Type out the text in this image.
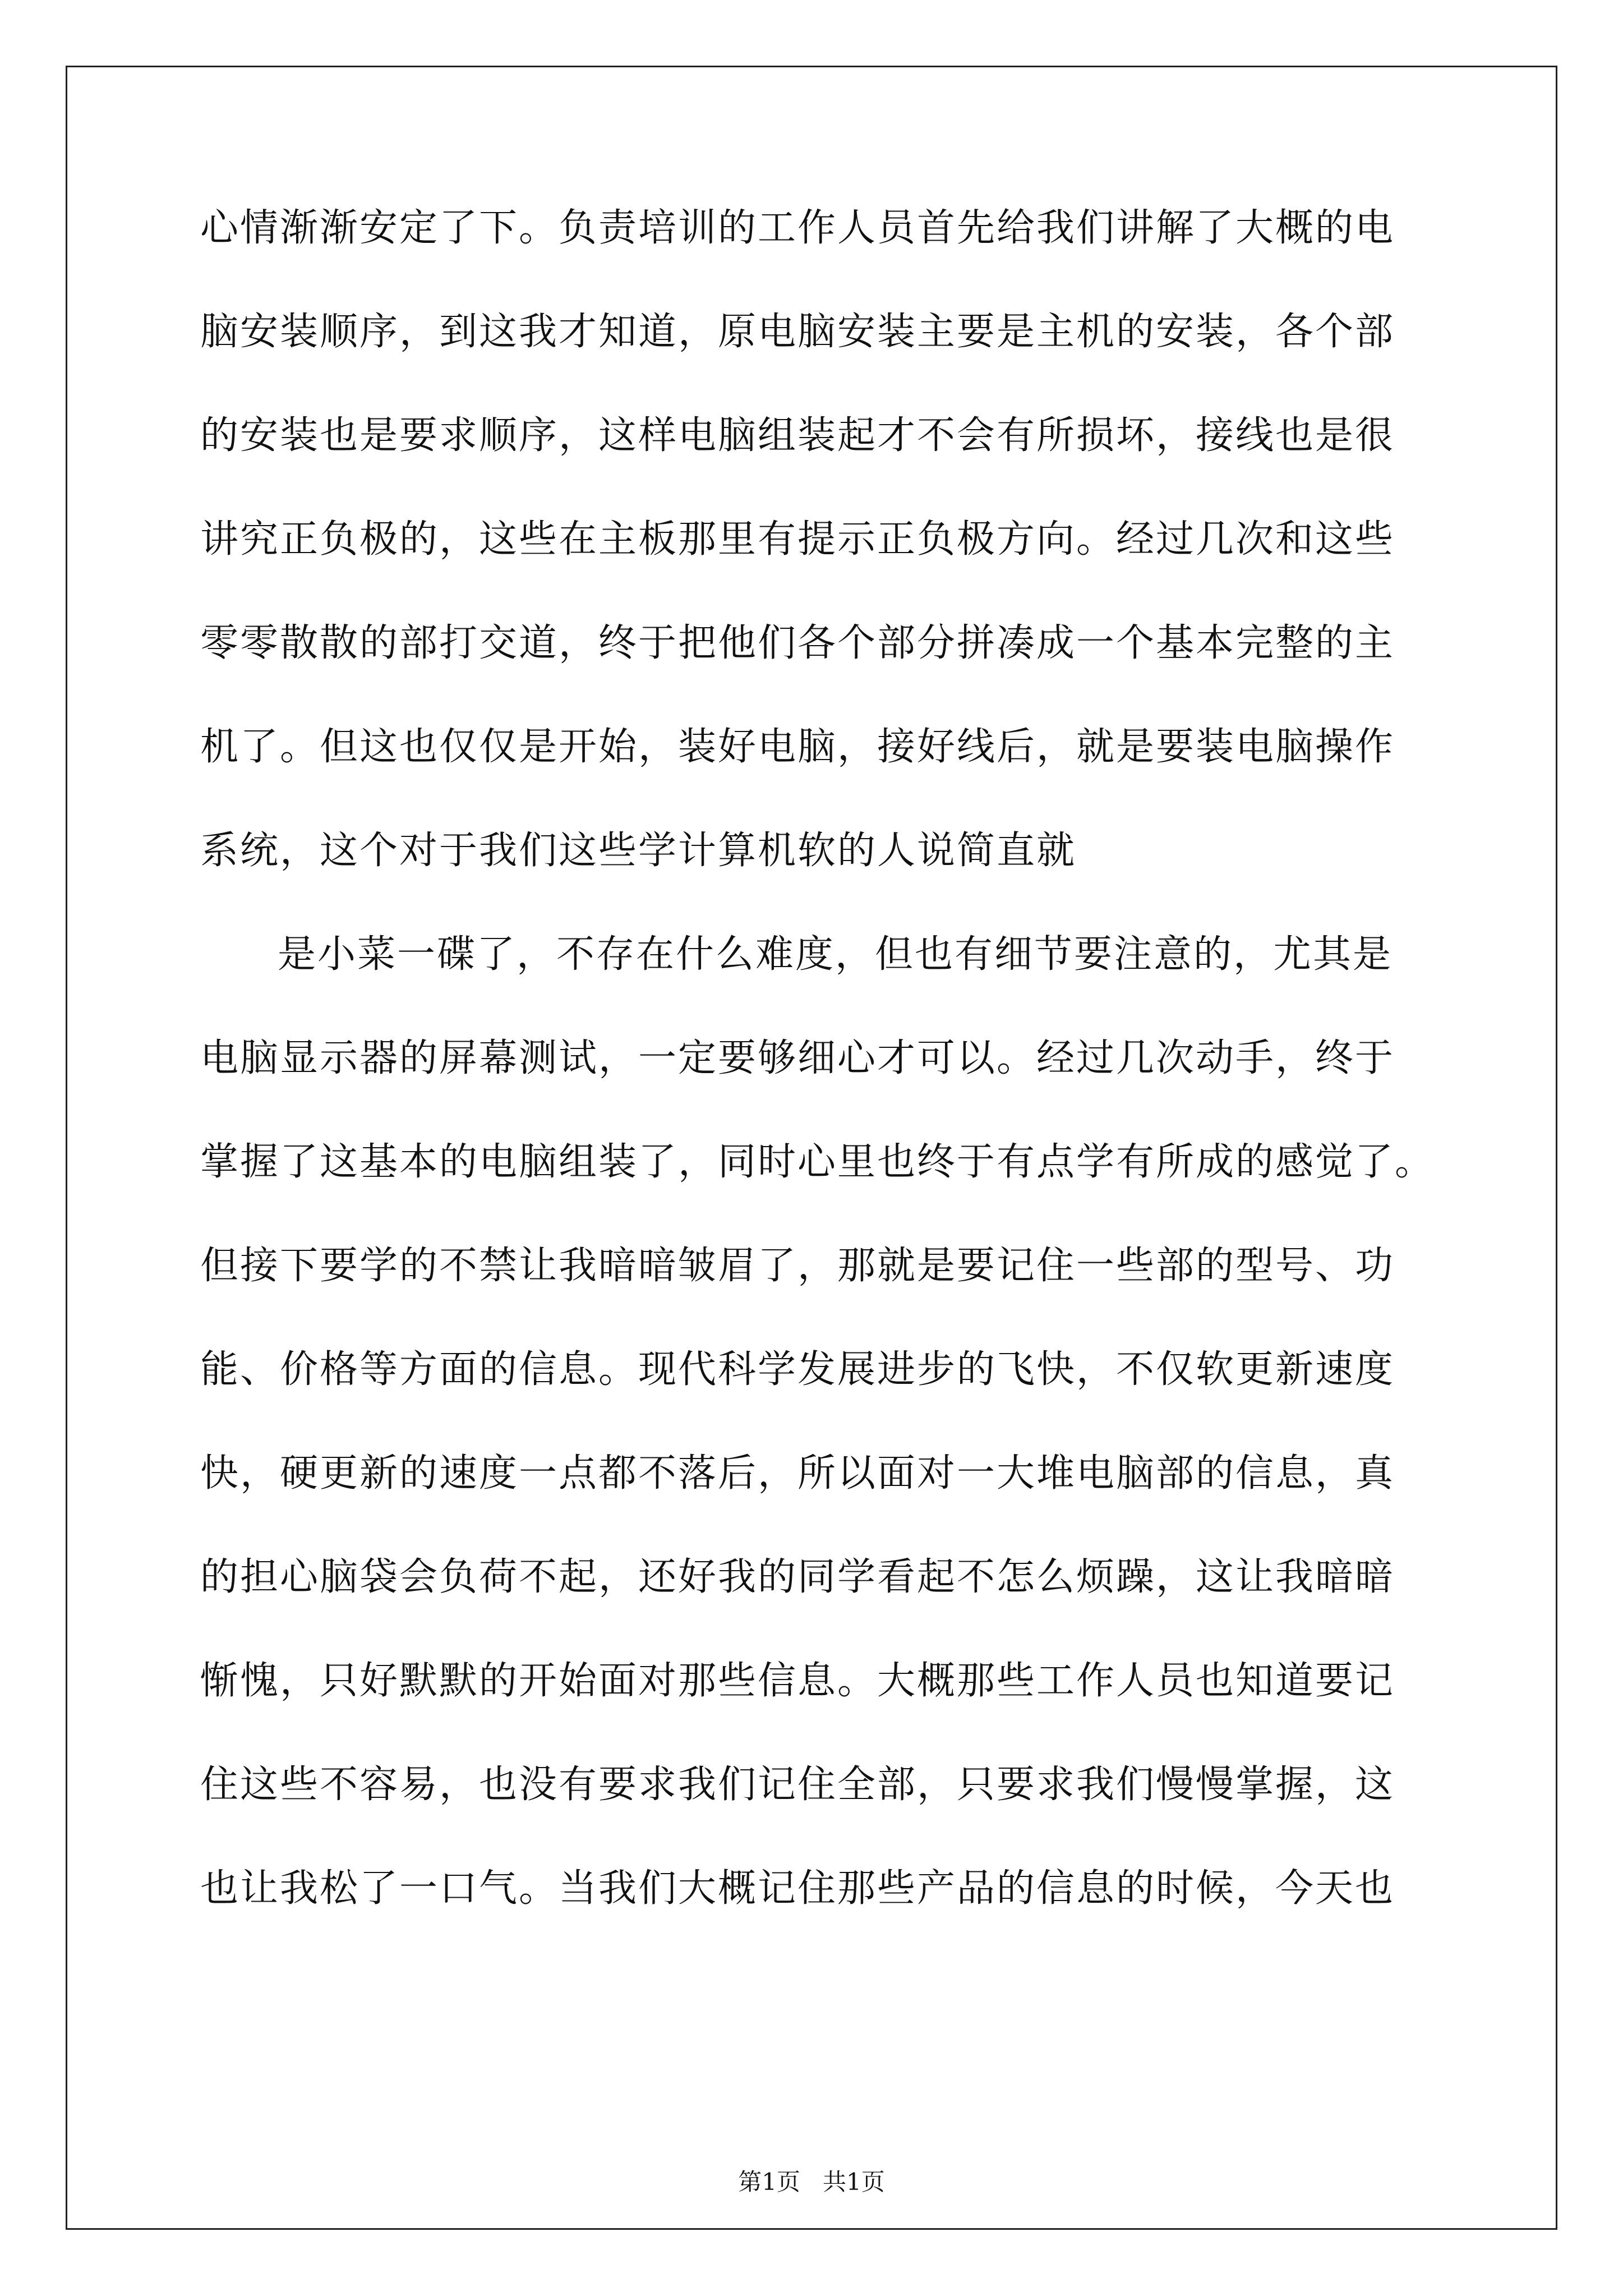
心情渐渐安定了下。负责培训的工作人员首先给我们讲解了大概的电
脑安装顺序，到这我才知道，原电脑安装主要是主机的安装，各个部
的安装也是要求顺序，这样电脑组装起才不会有所损坏，接线也是很
讲究正负极的，这些在主板那里有提示正负极方向。经过几次和这些
零零散散的部打交道，终于把他们各个部分拼凑成一个基本完整的主
机了。但这也仅仅是开始，装好电脑，接好线后，就是要装电脑操作
系统，这个对于我们这些学计算机软的人说简直就
是小菜一碟了，不存在什么难度，但也有细节要注意的，尤其是
电脑显示器的屏幕测试，一定要够细心才可以。经过几次动手，终于
掌握了这基本的电脑组装了，同时心里也终于有点学有所成的感觉了。
但接下要学的不禁让我暗暗皱眉了，那就是要记住一些部的型号、功
能、价格等方面的信息。现代科学发展进步的飞快，不仅软更新速度
快，硬更新的速度一点都不落后，所以面对一大堆电脑部的信息，真
的担心脑袋会负荷不起，还好我的同学看起不怎么烦躁，这让我暗暗
惭愧，只好默默的开始面对那些信息。大概那些工作人员也知道要记
住这些不容易，也没有要求我们记住全部，只要求我们慢慢掌握，这
也让我松了一口气。当我们大概记住那些产品的信息的时候，今天也
第1页   共1页
